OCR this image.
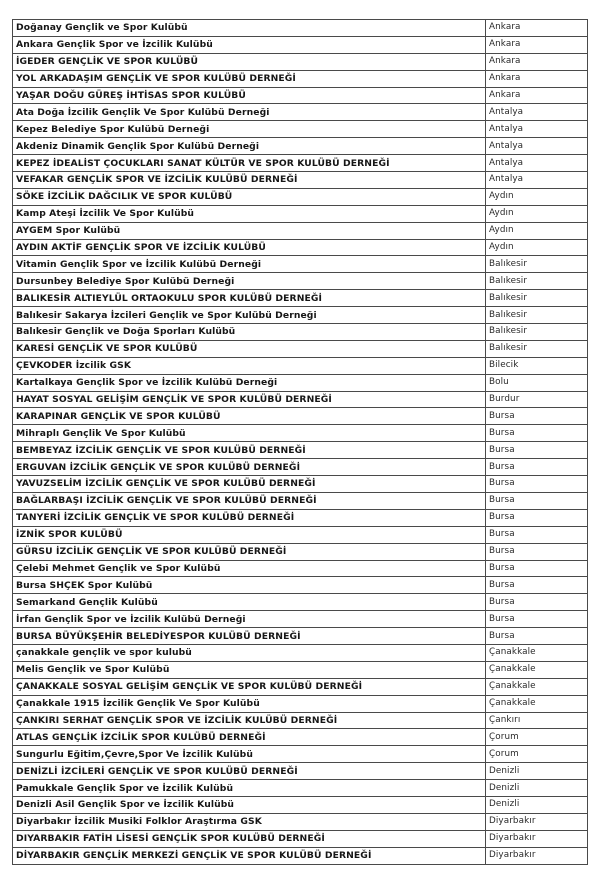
Doğanay Gençlik ve Spor Kulübü	Ankara
Ankara Gençlik Spor ve İzcilik Kulübü	Ankara
İGEDER GENÇLİK VE SPOR KULÜBÜ	Ankara
YOL ARKADAŞIM GENÇLİK VE SPOR KULÜBÜ DERNEĞİ	Ankara
YAŞAR DOĞU GÜREŞ İHTİSAS SPOR KULÜBÜ	Ankara
Ata Doğa İzcilik Gençlik Ve Spor Kulübü Derneği	Antalya
Kepez Belediye Spor Kulübü Derneği	Antalya
Akdeniz Dinamik Gençlik Spor Kulübü Derneği	Antalya
KEPEZ İDEALİST ÇOCUKLARI SANAT KÜLTÜR VE SPOR KULÜBÜ DERNEĞİ	Antalya
VEFAKAR GENÇLİK SPOR VE İZCİLİK KULÜBÜ DERNEĞİ	Antalya
SÖKE İZCİLİK DAĞCILIK VE SPOR KULÜBÜ	Aydın
Kamp Ateşi İzcilik Ve Spor Kulübü	Aydın
AYGEM Spor Kulübü	Aydın
AYDIN AKTİF GENÇLİK SPOR VE İZCİLİK KULÜBÜ	Aydın
Vitamin Gençlik Spor ve İzcilik Kulübü Derneği	Balıkesir
Dursunbey Belediye Spor Kulübü Derneği	Balıkesir
BALIKESİR ALTIEYLÜL ORTAOKULU SPOR KULÜBÜ DERNEĞİ	Balıkesir
Balıkesir Sakarya İzcileri Gençlik ve Spor Kulübü Derneği	Balıkesir
Balıkesir Gençlik ve Doğa Sporları Kulübü	Balıkesir
KARESİ GENÇLİK VE SPOR KULÜBÜ	Balıkesir
ÇEVKODER İzcilik GSK	Bilecik
Kartalkaya Gençlik Spor ve İzcilik Kulübü Derneği	Bolu
HAYAT SOSYAL GELİŞİM GENÇLİK VE SPOR KULÜBÜ DERNEĞİ	Burdur
KARAPINAR GENÇLİK VE SPOR KULÜBÜ	Bursa
Mihraplı Gençlik Ve Spor Kulübü	Bursa
BEMBEYAZ İZCİLİK GENÇLİK VE SPOR KULÜBÜ DERNEĞİ	Bursa
ERGUVAN İZCİLİK GENÇLİK VE SPOR KULÜBÜ DERNEĞİ	Bursa
YAVUZSELİM İZCİLİK GENÇLİK VE SPOR KULÜBÜ DERNEĞİ	Bursa
BAĞLARBAŞI İZCİLİK GENÇLİK VE SPOR KULÜBÜ DERNEĞİ	Bursa
TANYERİ İZCİLİK GENÇLİK VE SPOR KULÜBÜ DERNEĞİ	Bursa
İZNİK SPOR KULÜBÜ	Bursa
GÜRSU İZCİLİK GENÇLİK VE SPOR KULÜBÜ DERNEĞİ	Bursa
Çelebi Mehmet Gençlik ve Spor Kulübü	Bursa
Bursa SHÇEK Spor Kulübü	Bursa
Semarkand Gençlik Kulübü	Bursa
İrfan Gençlik Spor ve İzcilik Kulübü Derneği	Bursa
BURSA BÜYÜKŞEHİR BELEDİYESPOR KULÜBÜ DERNEĞİ	Bursa
çanakkale gençlik ve spor kulubü	Çanakkale
Melis Gençlik ve Spor Kulübü	Çanakkale
ÇANAKKALE SOSYAL GELİŞİM GENÇLİK VE SPOR KULÜBÜ DERNEĞİ	Çanakkale
Çanakkale 1915 İzcilik Gençlik Ve Spor Kulübü	Çanakkale
ÇANKIRI SERHAT GENÇLİK SPOR VE İZCİLİK KULÜBÜ DERNEĞİ	Çankırı
ATLAS GENÇLİK İZCİLİK SPOR KULÜBÜ DERNEĞİ	Çorum
Sungurlu Eğitim,Çevre,Spor Ve İzcilik Kulübü	Çorum
DENİZLİ İZCİLERİ GENÇLİK VE SPOR KULÜBÜ DERNEĞİ	Denizli
Pamukkale Gençlik Spor ve İzcilik Kulübü	Denizli
Denizli Asil Gençlik Spor ve İzcilik Kulübü	Denizli
Diyarbakır İzcilik Musiki Folklor Araştırma GSK	Diyarbakır
DIYARBAKIR FATİH LİSESİ GENÇLİK SPOR KULÜBÜ DERNEĞİ	Diyarbakır
DİYARBAKIR GENÇLİK MERKEZİ GENÇLİK VE SPOR KULÜBÜ DERNEĞİ	Diyarbakır
